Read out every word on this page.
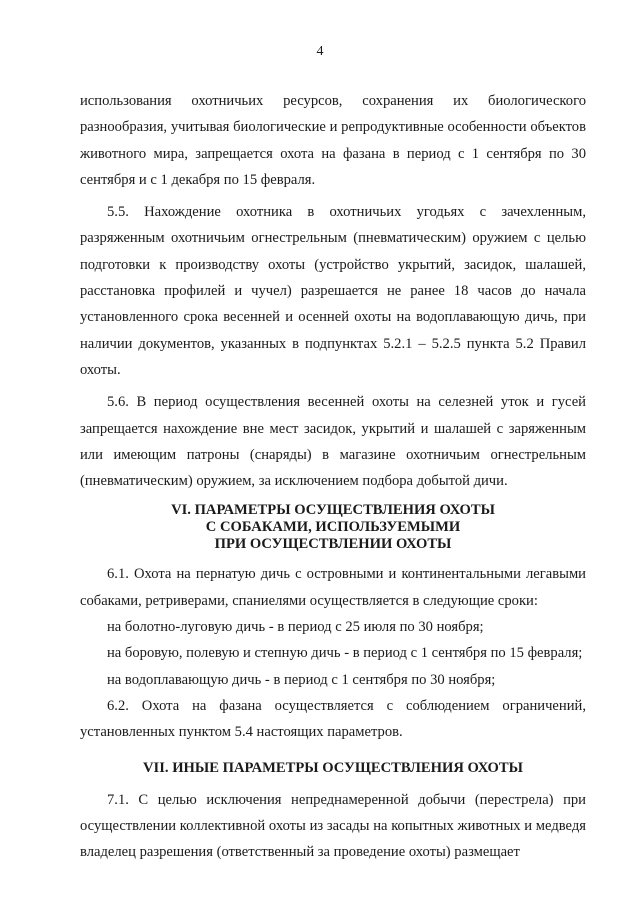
4

использования охотничьих ресурсов, сохранения их биологического разнообразия, учитывая биологические и репродуктивные особенности объектов животного мира, запрещается охота на фазана в период с 1 сентября по 30 сентября и с 1 декабря по 15 февраля.

5.5. Нахождение охотника в охотничьих угодьях с зачехленным, разряженным охотничьим огнестрельным (пневматическим) оружием с целью подготовки к производству охоты (устройство укрытий, засидок, шалашей, расстановка профилей и чучел) разрешается не ранее 18 часов до начала установленного срока весенней и осенней охоты на водоплавающую дичь, при наличии документов, указанных в подпунктах 5.2.1 – 5.2.5 пункта 5.2 Правил охоты.

5.6. В период осуществления весенней охоты на селезней уток и гусей запрещается нахождение вне мест засидок, укрытий и шалашей с заряженным или имеющим патроны (снаряды) в магазине охотничьим огнестрельным (пневматическим) оружием, за исключением подбора добытой дичи.

VI. ПАРАМЕТРЫ ОСУЩЕСТВЛЕНИЯ ОХОТЫ
С СОБАКАМИ, ИСПОЛЬЗУЕМЫМИ
ПРИ ОСУЩЕСТВЛЕНИИ ОХОТЫ

6.1. Охота на пернатую дичь с островными и континентальными легавыми собаками, ретриверами, спаниелями осуществляется в следующие сроки:

на болотно-луговую дичь - в период с 25 июля по 30 ноября;

на боровую, полевую и степную дичь - в период с 1 сентября по 15 февраля;

на водоплавающую дичь - в период с 1 сентября по 30 ноября;

6.2. Охота на фазана осуществляется с соблюдением ограничений, установленных пунктом 5.4 настоящих параметров.

VII. ИНЫЕ ПАРАМЕТРЫ ОСУЩЕСТВЛЕНИЯ ОХОТЫ

7.1. С целью исключения непреднамеренной добычи (перестрела) при осуществлении коллективной охоты из засады на копытных животных и медведя владелец разрешения (ответственный за проведение охоты) размещает
